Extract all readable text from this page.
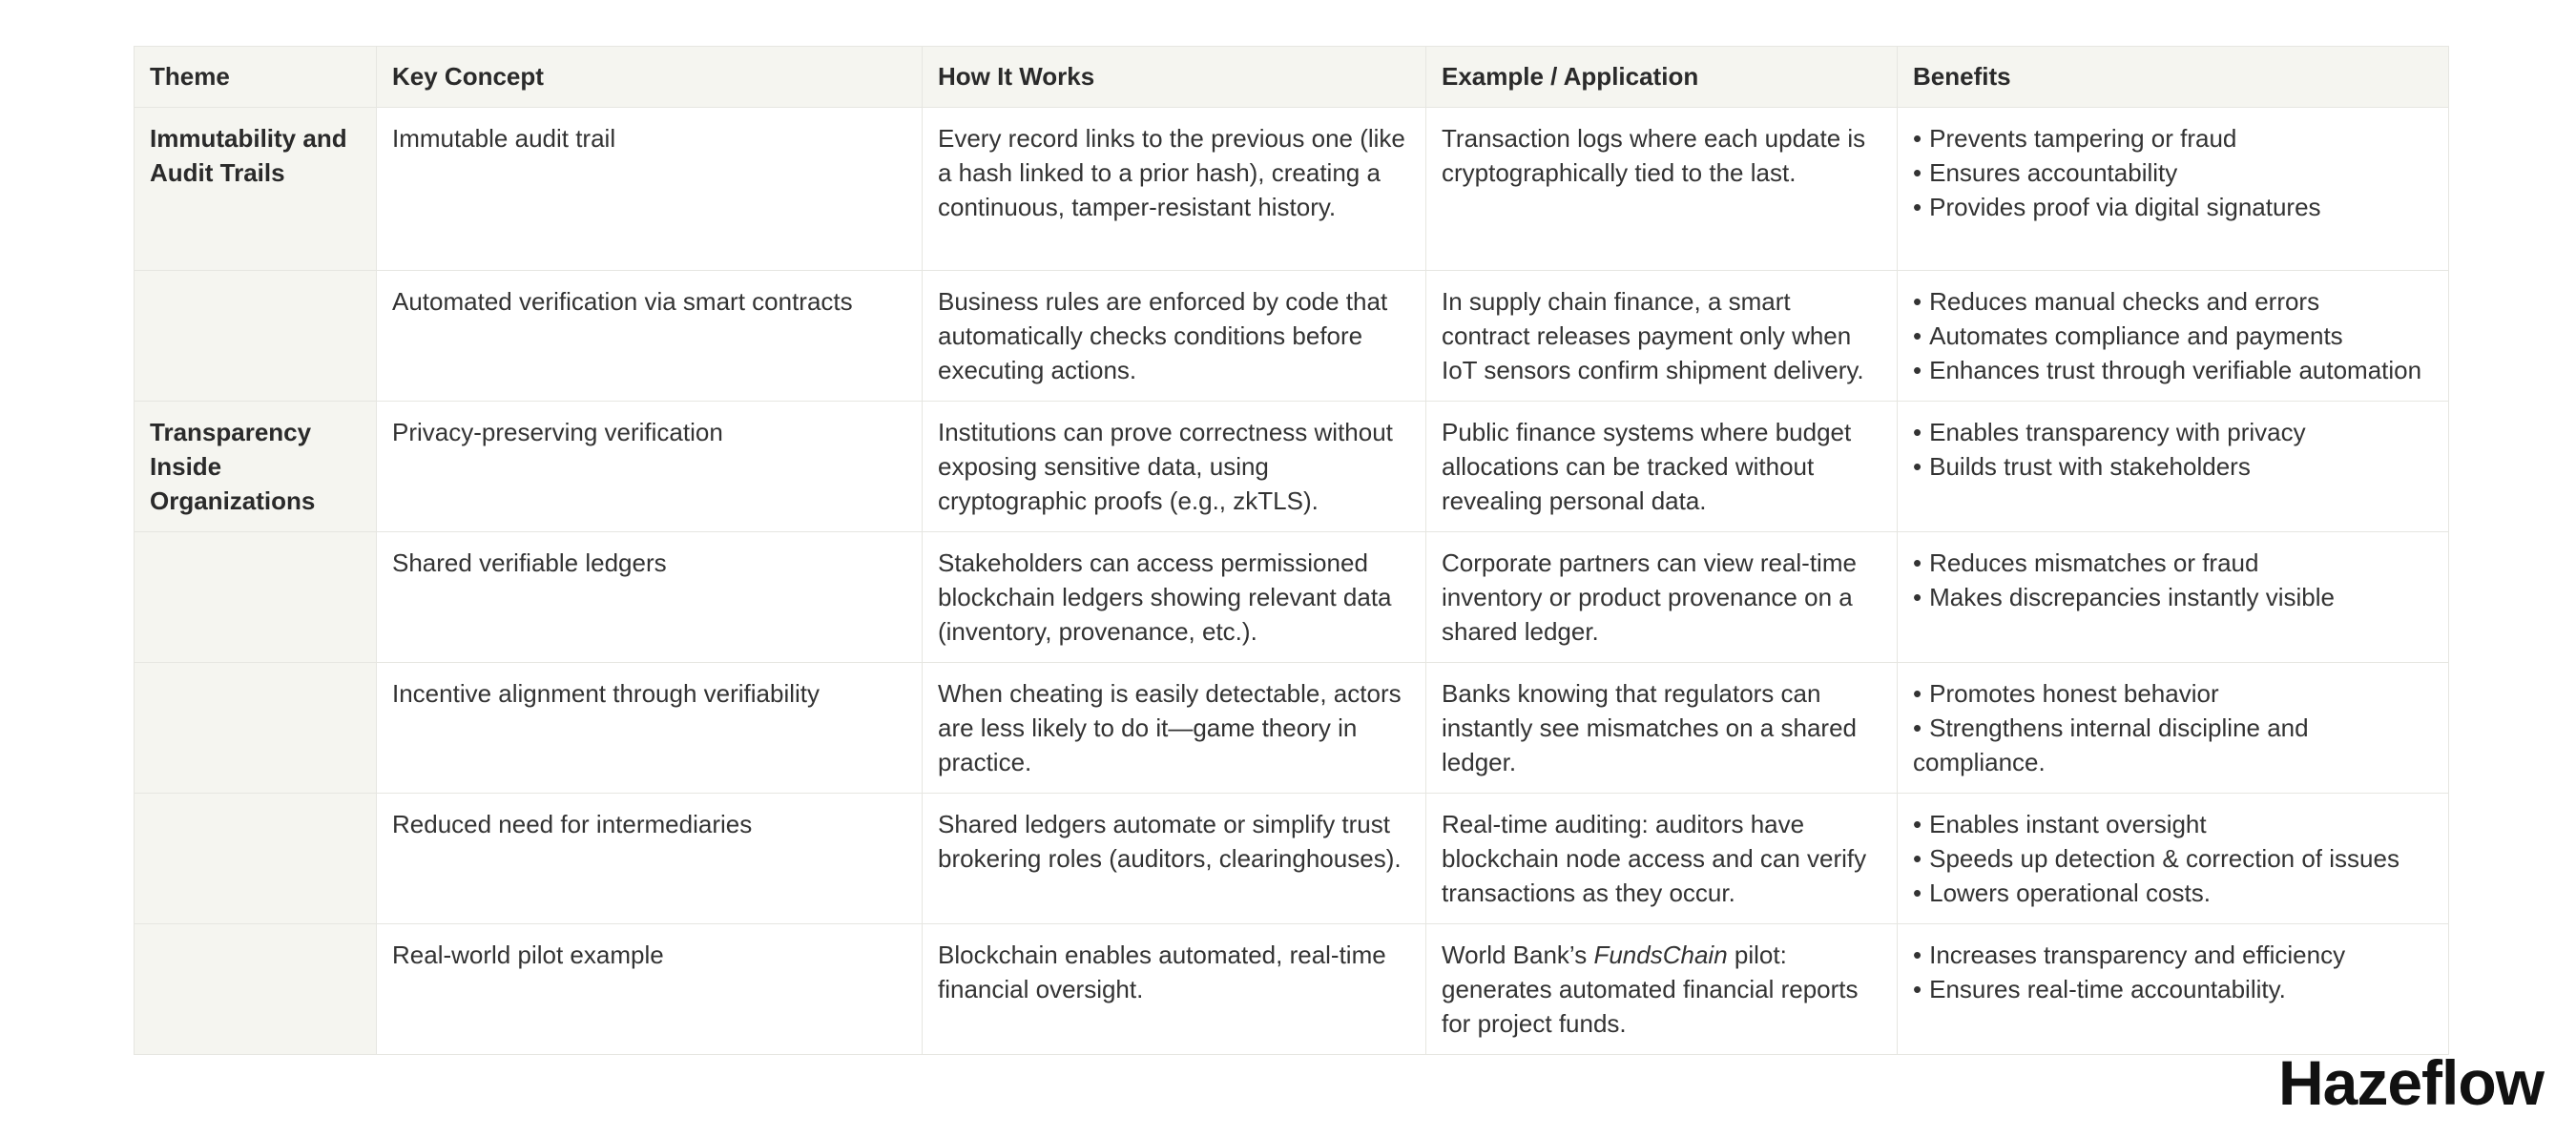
Theme	Key Concept	How It Works	Example / Application	Benefits
Immutability and Audit Trails	Immutable audit trail	Every record links to the previous one (like a hash linked to a prior hash), creating a continuous, tamper-resistant history.	Transaction logs where each update is cryptographically tied to the last.	• Prevents tampering or fraud
• Ensures accountability
• Provides proof via digital signatures

	Automated verification via smart contracts	Business rules are enforced by code that automatically checks conditions before executing actions.	In supply chain finance, a smart contract releases payment only when IoT sensors confirm shipment delivery.	• Reduces manual checks and errors
• Automates compliance and payments
• Enhances trust through verifiable automation

Transparency Inside Organizations	Privacy-preserving verification	Institutions can prove correctness without exposing sensitive data, using cryptographic proofs (e.g., zkTLS).	Public finance systems where budget allocations can be tracked without revealing personal data.	• Enables transparency with privacy
• Builds trust with stakeholders

	Shared verifiable ledgers	Stakeholders can access permissioned blockchain ledgers showing relevant data (inventory, provenance, etc.).	Corporate partners can view real-time inventory or product provenance on a shared ledger.	• Reduces mismatches or fraud
• Makes discrepancies instantly visible

	Incentive alignment through verifiability	When cheating is easily detectable, actors are less likely to do it—game theory in practice.	Banks knowing that regulators can instantly see mismatches on a shared ledger.	• Promotes honest behavior
• Strengthens internal discipline and compliance.

	Reduced need for intermediaries	Shared ledgers automate or simplify trust brokering roles (auditors, clearinghouses).	Real-time auditing: auditors have blockchain node access and can verify transactions as they occur.	• Enables instant oversight
• Speeds up detection & correction of issues
• Lowers operational costs.

	Real-world pilot example	Blockchain enables automated, real-time financial oversight.	World Bank’s FundsChain pilot: generates automated financial reports for project funds.	• Increases transparency and efficiency
• Ensures real-time accountability.
Hazeflow
